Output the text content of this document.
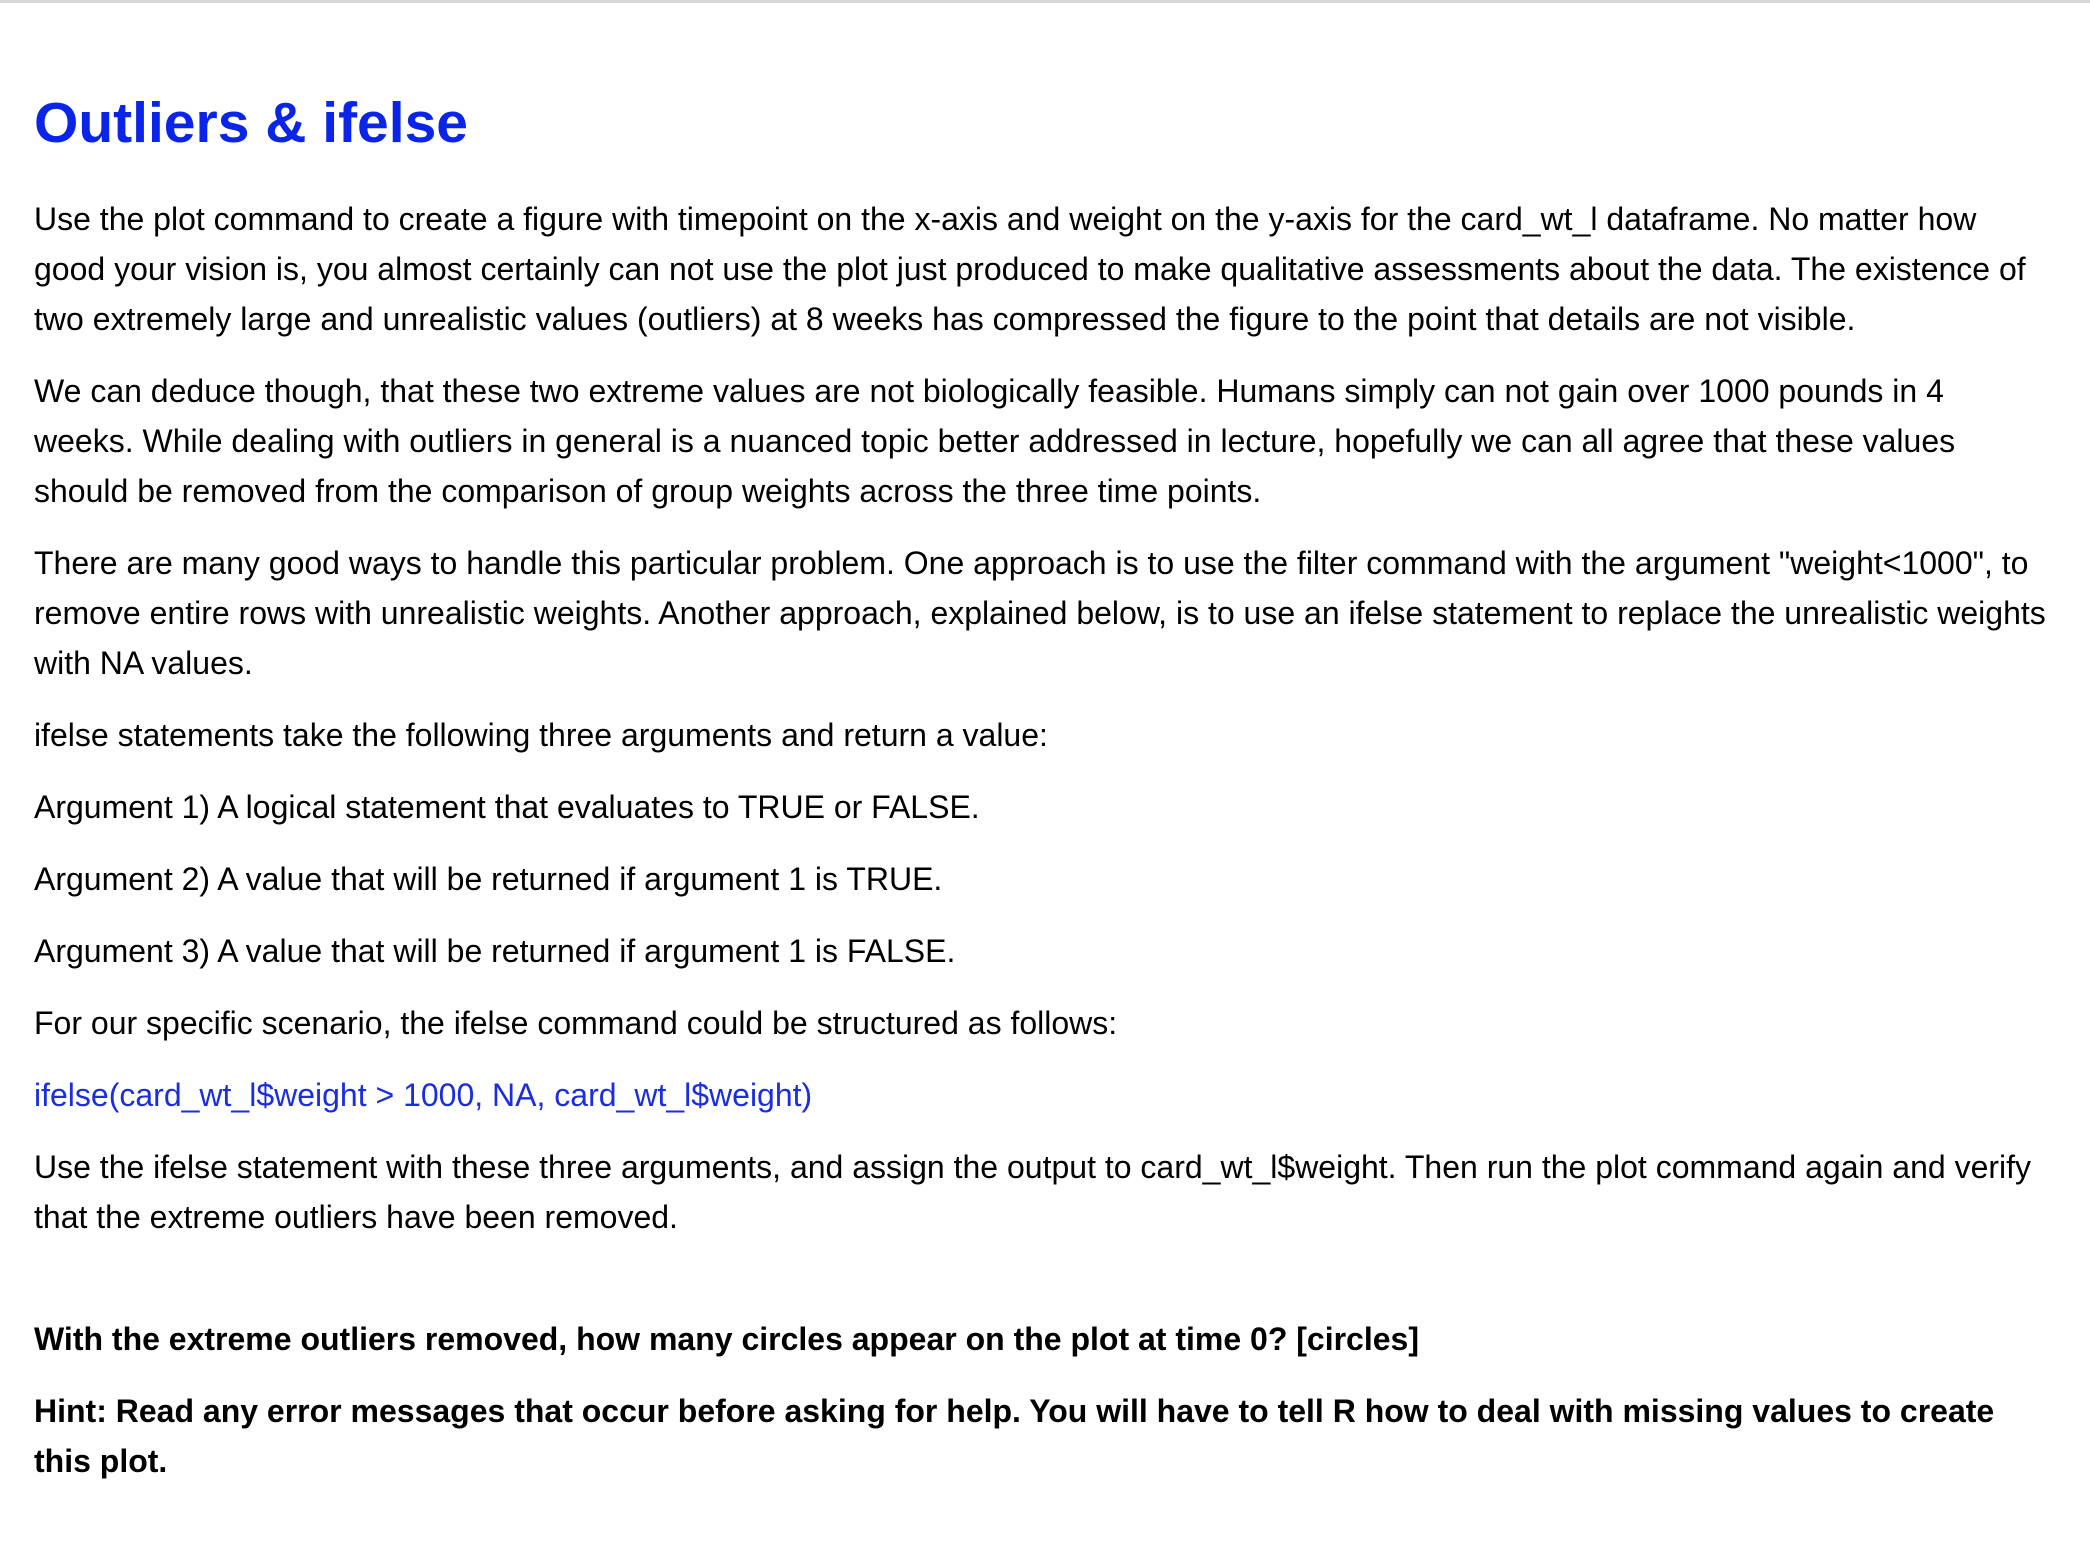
Outliers & ifelse

Use the plot command to create a figure with timepoint on the x-axis and weight on the y-axis for the card_wt_l dataframe. No matter how good your vision is, you almost certainly can not use the plot just produced to make qualitative assessments about the data. The existence of two extremely large and unrealistic values (outliers) at 8 weeks has compressed the figure to the point that details are not visible.

We can deduce though, that these two extreme values are not biologically feasible. Humans simply can not gain over 1000 pounds in 4 weeks. While dealing with outliers in general is a nuanced topic better addressed in lecture, hopefully we can all agree that these values should be removed from the comparison of group weights across the three time points.

There are many good ways to handle this particular problem. One approach is to use the filter command with the argument "weight<1000", to remove entire rows with unrealistic weights. Another approach, explained below, is to use an ifelse statement to replace the unrealistic weights with NA values.

ifelse statements take the following three arguments and return a value:

Argument 1) A logical statement that evaluates to TRUE or FALSE.

Argument 2) A value that will be returned if argument 1 is TRUE.

Argument 3) A value that will be returned if argument 1 is FALSE.

For our specific scenario, the ifelse command could be structured as follows:

ifelse(card_wt_l$weight > 1000, NA, card_wt_l$weight)

Use the ifelse statement with these three arguments, and assign the output to card_wt_l$weight. Then run the plot command again and verify that the extreme outliers have been removed.

With the extreme outliers removed, how many circles appear on the plot at time 0? [circles]

Hint: Read any error messages that occur before asking for help. You will have to tell R how to deal with missing values to create this plot.
